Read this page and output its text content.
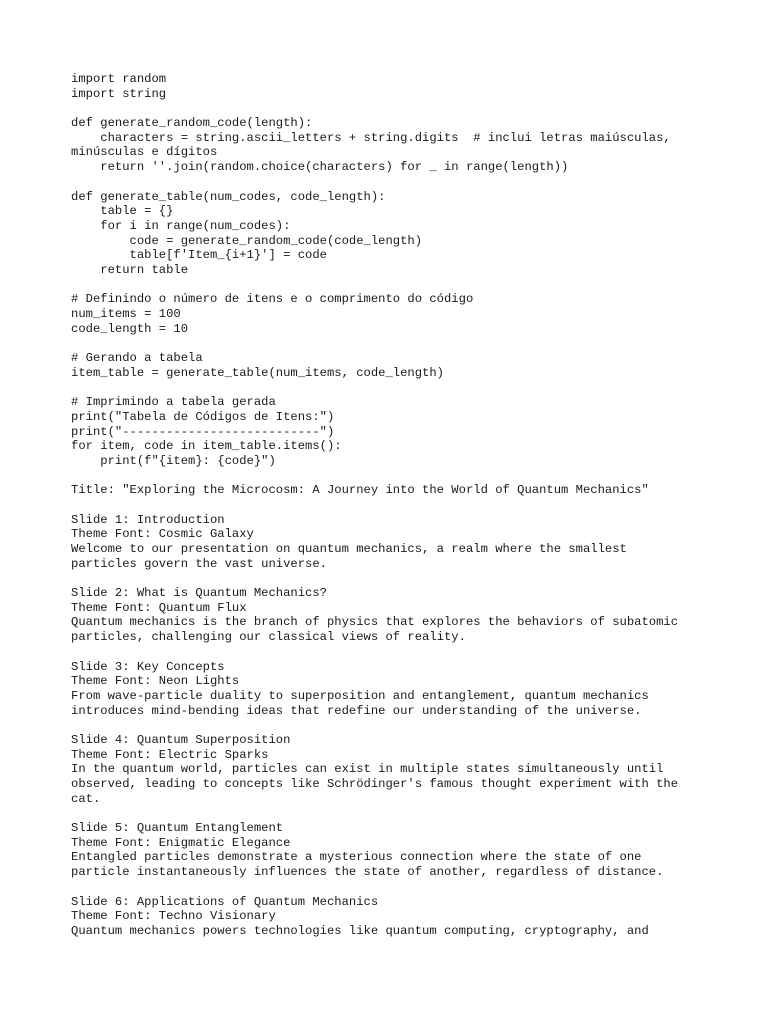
import random
import string
def generate_random_code(length):
characters = string.ascii_letters + string.digits  # inclui letras maiúsculas,
minúsculas e dígitos
return ''.join(random.choice(characters) for _ in range(length))
def generate_table(num_codes, code_length):
table = {}
for i in range(num_codes):
code = generate_random_code(code_length)
table[f'Item_{i+1}'] = code
return table
# Definindo o número de itens e o comprimento do código
num_items = 100
code_length = 10
# Gerando a tabela
item_table = generate_table(num_items, code_length)
# Imprimindo a tabela gerada
print("Tabela de Códigos de Itens:")
print("---------------------------")
for item, code in item_table.items():
print(f"{item}: {code}")
Title: "Exploring the Microcosm: A Journey into the World of Quantum Mechanics"
Slide 1: Introduction
Theme Font: Cosmic Galaxy
Welcome to our presentation on quantum mechanics, a realm where the smallest
particles govern the vast universe.
Slide 2: What is Quantum Mechanics?
Theme Font: Quantum Flux
Quantum mechanics is the branch of physics that explores the behaviors of subatomic
particles, challenging our classical views of reality.
Slide 3: Key Concepts
Theme Font: Neon Lights
From wave-particle duality to superposition and entanglement, quantum mechanics
introduces mind-bending ideas that redefine our understanding of the universe.
Slide 4: Quantum Superposition
Theme Font: Electric Sparks
In the quantum world, particles can exist in multiple states simultaneously until
observed, leading to concepts like Schrödinger's famous thought experiment with the
cat.
Slide 5: Quantum Entanglement
Theme Font: Enigmatic Elegance
Entangled particles demonstrate a mysterious connection where the state of one
particle instantaneously influences the state of another, regardless of distance.
Slide 6: Applications of Quantum Mechanics
Theme Font: Techno Visionary
Quantum mechanics powers technologies like quantum computing, cryptography, and
